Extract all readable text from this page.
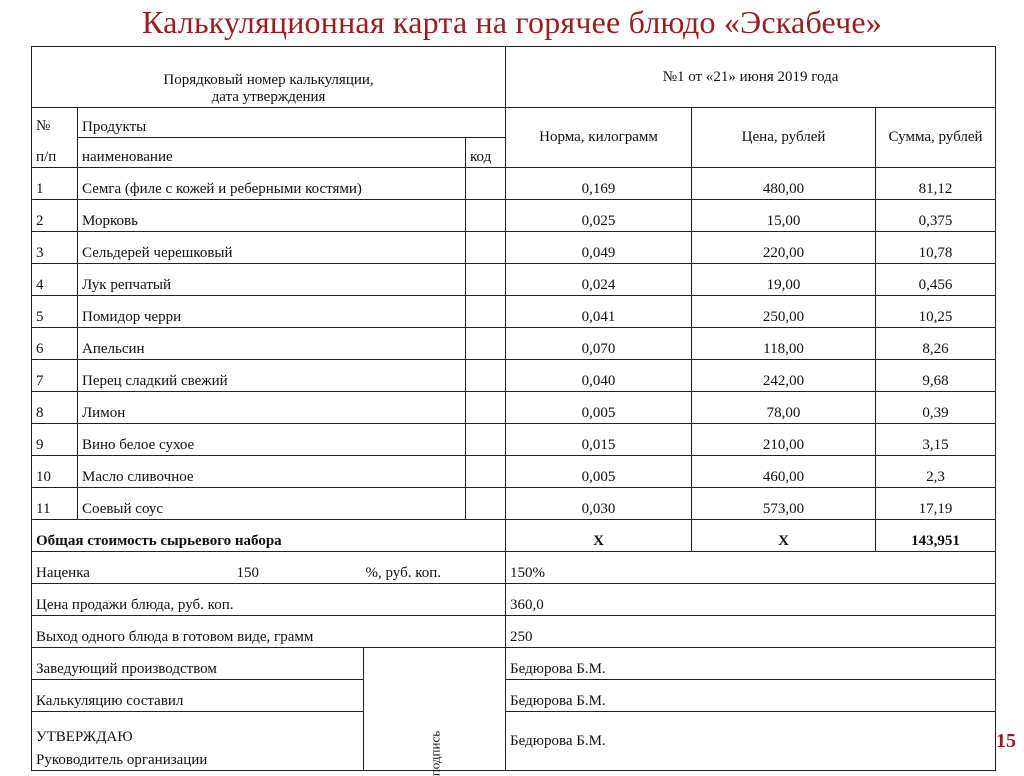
Калькуляционная карта на горячее блюдо «Эскабече»
Порядковый номер калькуляции,
дата утверждения				№1 от «21» июня 2019 года		

№
п/п	Продукты			Норма, килограмм	Цена, рублей	Сумма, рублей
	наименование		код			
1	Семга (филе с кожей и реберными костями)			0,169	480,00	81,12
2	Морковь			0,025	15,00	0,375
3	Сельдерей черешковый			0,049	220,00	10,78
4	Лук репчатый			0,024	19,00	0,456
5	Помидор черри			0,041	250,00	10,25
6	Апельсин			0,070	118,00	8,26
7	Перец сладкий свежий			0,040	242,00	9,68
8	Лимон			0,005	78,00	0,39
9	Вино белое сухое			0,015	210,00	3,15
10	Масло сливочное			0,005	460,00	2,3
11	Соевый соус			0,030	573,00	17,19
Общая стоимость сырьевого набора				Х	Х	143,951

Наценка 150 %, руб. коп.				150%		
Цена продажи блюда, руб. коп.				360,0		
Выход одного блюда в готовом виде, грамм				250		
Заведующий производством		подпись		Бедюрова Б.М.		
Калькуляцию составил				Бедюрова Б.М.		

УТВЕРЖДАЮ
Руководитель организации				Бедюрова Б.М.			15
